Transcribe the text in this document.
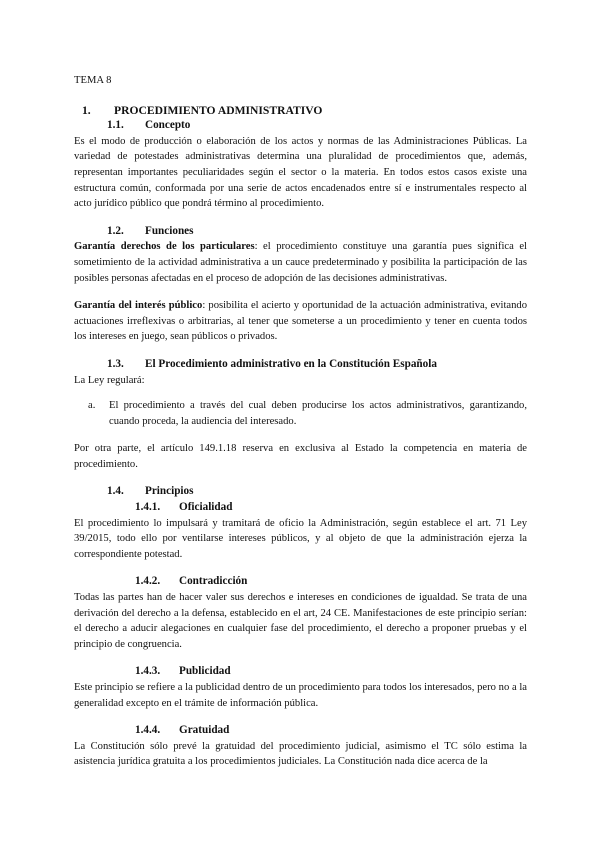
TEMA 8
1.	PROCEDIMIENTO ADMINISTRATIVO
1.1.	Concepto

Es el modo de producción o elaboración de los actos y normas de las Administraciones Públicas. La variedad de potestades administrativas determina una pluralidad de procedimientos que, además, representan importantes peculiaridades según el sector o la materia. En todos estos casos existe una estructura común, conformada por una serie de actos encadenados entre sí e instrumentales respecto al acto jurídico público que pondrá término al procedimiento.

1.2.	Funciones

Garantía derechos de los particulares: el procedimiento constituye una garantía pues significa el sometimiento de la actividad administrativa a un cauce predeterminado y posibilita la participación de las posibles personas afectadas en el proceso de adopción de las decisiones administrativas.

Garantía del interés público: posibilita el acierto y oportunidad de la actuación administrativa, evitando actuaciones irreflexivas o arbitrarias, al tener que someterse a un procedimiento y tener en cuenta todos los intereses en juego, sean públicos o privados.

1.3.	El Procedimiento administrativo en la Constitución Española

La Ley regulará:

a.	El procedimiento a través del cual deben producirse los actos administrativos, garantizando, cuando proceda, la audiencia del interesado.

Por otra parte, el artículo 149.1.18 reserva en exclusiva al Estado la competencia en materia de procedimiento.

1.4.	Principios
1.4.1.	Oficialidad

El procedimiento lo impulsará y tramitará de oficio la Administración, según establece el art. 71 Ley 39/2015, todo ello por ventilarse intereses públicos, y al objeto de que la administración ejerza la correspondiente potestad.

1.4.2.	Contradicción

Todas las partes han de hacer valer sus derechos e intereses en condiciones de igualdad. Se trata de una derivación del derecho a la defensa, establecido en el art, 24 CE. Manifestaciones de este principio serían: el derecho a aducir alegaciones en cualquier fase del procedimiento, el derecho a proponer pruebas y el principio de congruencia.

1.4.3.	Publicidad

Este principio se refiere a la publicidad dentro de un procedimiento para todos los interesados, pero no a la generalidad excepto en el trámite de información pública.

1.4.4.	Gratuidad

La Constitución sólo prevé la gratuidad del procedimiento judicial, asimismo el TC sólo estima la asistencia jurídica gratuita a los procedimientos judiciales. La Constitución nada dice acerca de la
